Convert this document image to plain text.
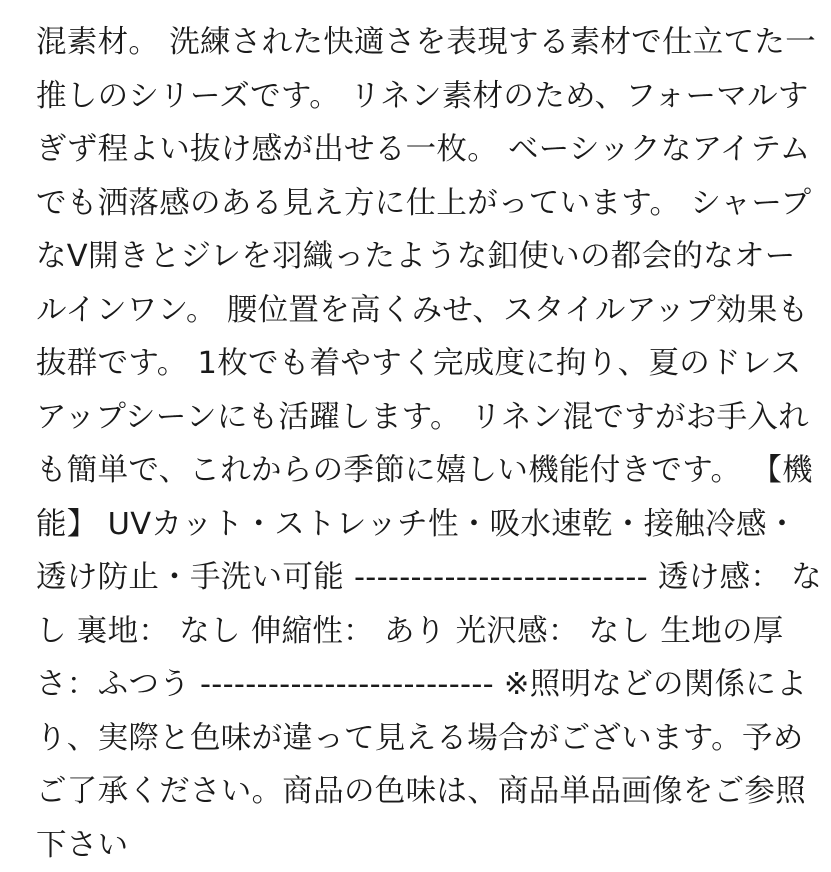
混素材。 洗練された快適さを表現する素材で仕立てた一
推しのシリーズです。 リネン素材のため、フォーマルす
ぎず程よい抜け感が出せる一枚。 ベーシックなアイテム
でも洒落感のある見え方に仕上がっています。 シャープ
なV開きとジレを羽織ったような釦使いの都会的なオー
ルインワン。 腰位置を高くみせ、スタイルアップ効果も
抜群です。 1枚でも着やすく完成度に拘り、夏のドレス
アップシーンにも活躍します。 リネン混ですがお手入れ
も簡単で、これからの季節に嬉しい機能付きです。 【機
能】 UVカット・ストレッチ性・吸水速乾・接触冷感・
透け防止・手洗い可能 -------------------------- 透け感： な
し 裏地： なし 伸縮性： あり 光沢感： なし 生地の厚
さ：ふつう -------------------------- ※照明などの関係によ
り、実際と色味が違って見える場合がございます。予め
ご了承ください。商品の色味は、商品単品画像をご参照
下さい
